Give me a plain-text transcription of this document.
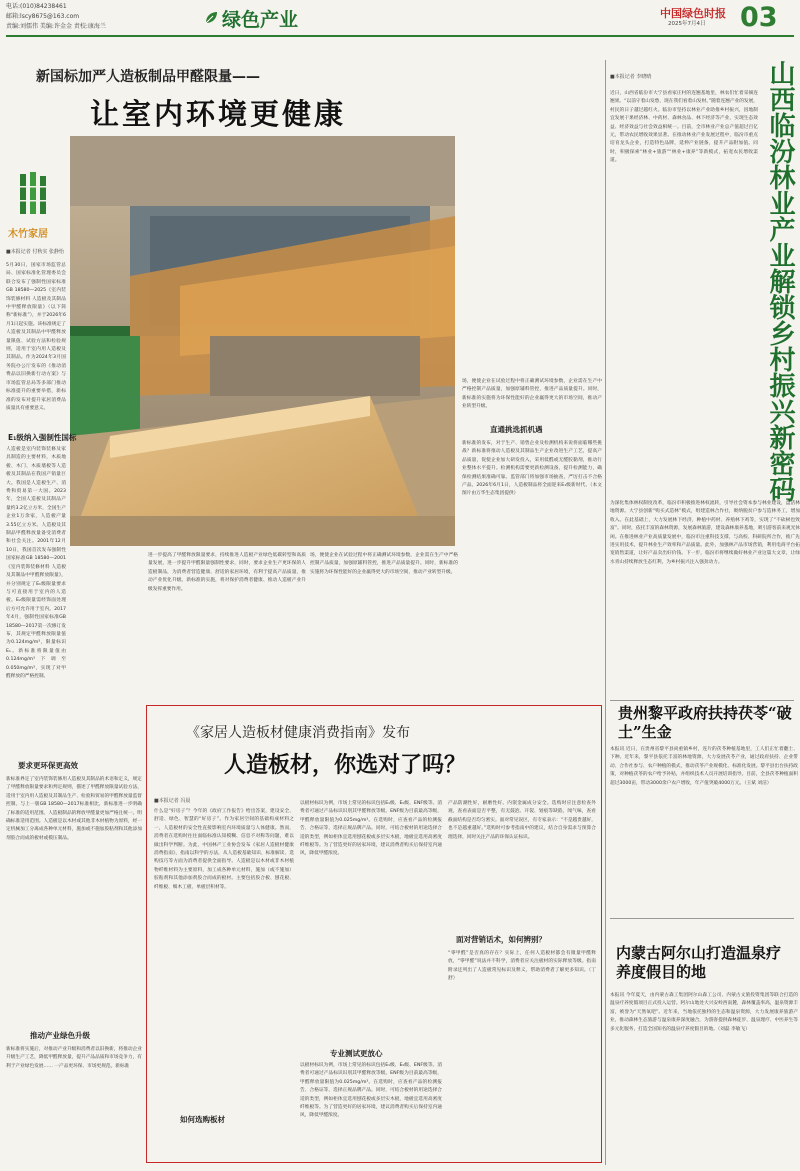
电话:(010)84238461
邮箱:lscy8675@163.com
责编:刘儒伟 美编:许金金 责校:康海兰	绿色产业	中国绿色时报
2025年7月4日 03
新国标加严人造板制品甲醛限量——
让室内环境更健康
木竹家居
■本报记者 付秋实 张静怡
5月30日，国家市场监管总局、国家标准化管理委员会联合发布了强制性国家标准GB 18580—2025《室内装饰装修材料 人造板及其制品中甲醛释放限量》（以下简称“新标准”），并于2026年6月1日起实施。该标准规定了人造板及其制品中甲醛释放量限值、试验方法和检验规则，适用于室内用人造板及其制品。作为2024年3月国务院办公厅发布的《推动消费品以旧换新行动方案》与市场监管总局等多部门推动标准提升的重要举措，新标准的发布对提升家居消费品质量具有重要意义。
E₁级纳入强制性国标
人造板是室内装饰装修及家具制造的主要材料，木质地板、木门、木质墙板等人造板及其制品在我国产销量巨大。我国是人造板生产、消费和贸易第一大国。2023年，全国人造板及其制品产量约3.2亿立方米，全国生产企业1万余家，人造板产量3.55亿立方米。人造板及其制品甲醛释放量备受消费者和社会关注。2001年12月10日，我国首次发布强制性国家标准GB 18580—2001《室内装饰装修材料 人造板及其制品中甲醛释放限量》，并分别规定了E₁级限量要求与可直接用于室内的人造板。E₂级限量需经饰面处理后方可允许用于室内。2017年4月，强制性国家标准GB 18580—2017第一次修订发布，其规定甲醛释放限量值为0.124mg/m³，限量标识E₁。新标准将限量值由0.124mg/m³下调至0.050mg/m³，实现了对甲醛释放的严格控制。
要求更环保更高效
新标准界定了室内装饰装修用人造板及其制品的术语和定义，规定了甲醛释放限量要求和判定规则，描述了甲醛释放限量试验方法，适用于室内用人造板及其制品生产、检验和贸易的甲醛释放量监督控制。与上一版GB 18580—2017标准相比，新标准进一步明确了标准的适用范围。人造板制品的释放甲醛量更加严格且统一。明确标准适用范围。人造板是以木材或其他非木材植物为原料，经一定机械加工分离成各种单元材料，施加或不施加胶粘剂和其他添加剂胶合而成的板材或模压制品。
推动产业绿色升级
新标准将实施后，对推动产业升级和消费者以旧换新，将推动企业升级生产工艺，降低甲醛释放量，提升产品品质和市场竞争力，有利于产业绿色发展…… 一产品更环保、市场更规范。新标准
进一步提高了甲醛释放限量要求，持续推进人造板产业绿色低碳转型和高质量发展，进一步提升甲醛限量强制性要求，同时，要求企业生产更环保的人造板制品，为消费者营造健康、舒适的家居环境，有利于提高产品质量，推动产业优化升级。新标准的实施，将对保护消费者健康、推动人造板产业升级发挥重要作用。
场，便使企业在试验过程中将正确测试环境参数，企业需在生产中严格控制产品质量，加强原辅料管控，推进产品质量提升。同时，新标准的实施将为环保性能好的企业赢得更大的市场空间，推动产业转型升级。
场，便使企业在试验过程中将正确测试环境参数，企业需在生产中严格控制产品质量，加强原辅料管控，推进产品质量提升。同时，新标准的实施将为环保性能好的企业赢得更大的市场空间，推动产业转型升级。
直通挑选抓机遇
新标准的发布，对于生产、销售企业及检测机构来说将面临哪些挑战？新标准将推动人造板及其制品生产企业改进生产工艺，提高产品质量，促使企业加大研发投入，采用低醛或无醛胶黏剂，推动行业整体水平提升。检测机构需要更新检测设备，提升检测能力，确保检测结果准确可靠。监管部门将加强市场抽查，严厉打击不合格产品。2026年6月1日，人造板制品将全面迎来E₁级新时代。（本文图片由万华生态集团提供）
《家居人造板材健康消费指南》发布
人造板材，你选对了吗？
■本报记者 冯晨
什么是“好房子”？今年的《政府工作报告》给出答案，建设安全、舒适、绿色、智慧的“好房子”。作为家居空间的基础构成材料之一，人造板材的安全性直接影响室内环境质量与人体健康。然而，消费者在选购时往往面临标准认知模糊、信息不对称等问题，难以做出科学判断。为此，中国林产工业协会发布《家居人造板材健康消费指南》，指南以科学的方法，从人造板基础知识、标准解读、选购技巧等方面为消费者提供全面指导。人造板是以木材或非木材植物纤维材料为主要原料，加工成各种单元材料，施加（或不施加）胶粘剂和其他添加剂胶合而成的板材。主要包括胶合板、刨花板、纤维板、细木工板、单板层积材等。
如何选购板材
以板材标识为例，市场上常见的标识包括E₁级、E₀级、ENF级等。消费者可通过产品标识识别其甲醛释放等级。ENF级为目前最高等级，甲醛释放量限值为0.025mg/m³。在选购时，应查看产品的检测报告、合格证等，选择正规品牌产品。同时，可结合板材的用途选择合适的类型，例如柜体宜选用刨花板或多层实木板，地板宜选用高密度纤维板等。为了营造更好的居家环境，建议消费者购买后保持室内通风，降低甲醛浓度。
专业测试更放心
以板材标识为例，市场上常见的标识包括E₁级、E₀级、ENF级等。消费者可通过产品标识识别其甲醛释放等级。ENF级为目前最高等级，甲醛释放量限值为0.025mg/m³。在选购时，应查看产品的检测报告、合格证等，选择正规品牌产品。同时，可结合板材的用途选择合适的类型，例如柜体宜选用刨花板或多层实木板，地板宜选用高密度纤维板等。为了营造更好的居家环境，建议消费者购买后保持室内通风，降低甲醛浓度。
产品防潮性好，耐磨性好。内嵌金属成分安全。选购时应注意检查外观，查看表面是否平整，有无鼓泡、开裂、划痕等缺陷，闻气味，查看截面结构是否均匀密实。面对常见误区，有专家表示：“不是越贵越好，也不是越重越好。”选购时可参考指南中的建议，结合自身需求与预算合理选择，同时关注产品的环保认证标识。
面对营销话术，如何辨别？
“零甲醛”是否真的存在？实际上，任何人造板材都会有微量甲醛释放，“零甲醛”说法并不科学，消费者应关注板材的实际释放等级。指南附录还列出了人造板常见标识及释义，帮助消费者了解更多知识。（丁舒）
■本报记者 李晓晴	山西临汾林业产业解锁乡村振兴新密码
近日，山西省临汾市大宁县看家庄村的连翘基地里，林农们忙着采摘连翘果。“以前守着山发愁，现在我们看着山发财。”随着连翘产业的发展，村民的日子越过越红火。临汾市坚持以林业产业助推乡村振兴，因地制宜发展干果经济林、中药材、森林食品、林下经济等产业，实现生态效益、经济效益与社会效益相统一。目前，全市林业产业总产值超过百亿元，带动农民增收效果显著。在推动林业产业发展过程中，临汾市重点培育龙头企业，打造特色品牌，延伸产业链条，提升产品附加值。同时，积极探索“林业+旅游”“林业+康养”等新模式，拓宽农民增收渠道。
为深化集体林权制度改革，临汾市积极推进林权流转，引导社会资本参与林业建设，盘活林地资源。大宁县创新“购买式造林”模式，组建造林合作社，吸纳脱贫户参与造林务工，增加收入。在此基础上，大力发展林下经济，种植中药材、养殖林下鸡等，实现了“不砍树也致富”。同时，依托丰富的森林资源，发展森林旅游，建设森林康养基地，吸引游客前来观光休闲。在推进林业产业高质量发展中，临汾市注重科技支撑，与高校、科研院所合作，推广先进实用技术，提升林业生产效率和产品质量。此外，加强林产品市场营销，利用电商平台拓宽销售渠道，让好产品卖出好价钱。下一步，临汾市将继续做好林业产业这篇大文章，让绿水青山持续释放生态红利，为乡村振兴注入强劲动力。
贵州黎平政府扶持茯苓“破土”生金
本报讯 近日，在贵州省黎平县尚重镇乡村，连片的茯苓种植基地里，工人们正忙着翻土、下种。近年来，黎平县依托丰富的林地资源，大力发展茯苓产业，通过政府扶持、企业带动、合作社参与、农户种植的模式，推动茯苓产业规模化、标准化发展。黎平县出台扶持政策，对种植茯苓的农户给予补贴，并组织技术人员开展培训指导。目前，全县茯苓种植面积超过3000亩，带动3000余户农户增收，年产值突破4000万元。（王斌 刘洁）
内蒙古阿尔山打造温泉疗养度假目的地
本报讯 今年夏天，由内蒙古森工集团阿尔山森工公司、内蒙古文旅投资集团等联合打造的温泉疗养度假项目正式投入运营。阿尔山地处大兴安岭西南麓，森林覆盖率高，温泉资源丰富，被誉为“天然氧吧”。近年来，当地依托独特的生态和温泉资源，大力发展康养旅游产业，推动森林生态旅游与温泉康养深度融合，为游客提供森林徒步、温泉理疗、中医养生等多元化服务，打造全国知名的温泉疗养度假目的地。（刘磊 李敏飞）
